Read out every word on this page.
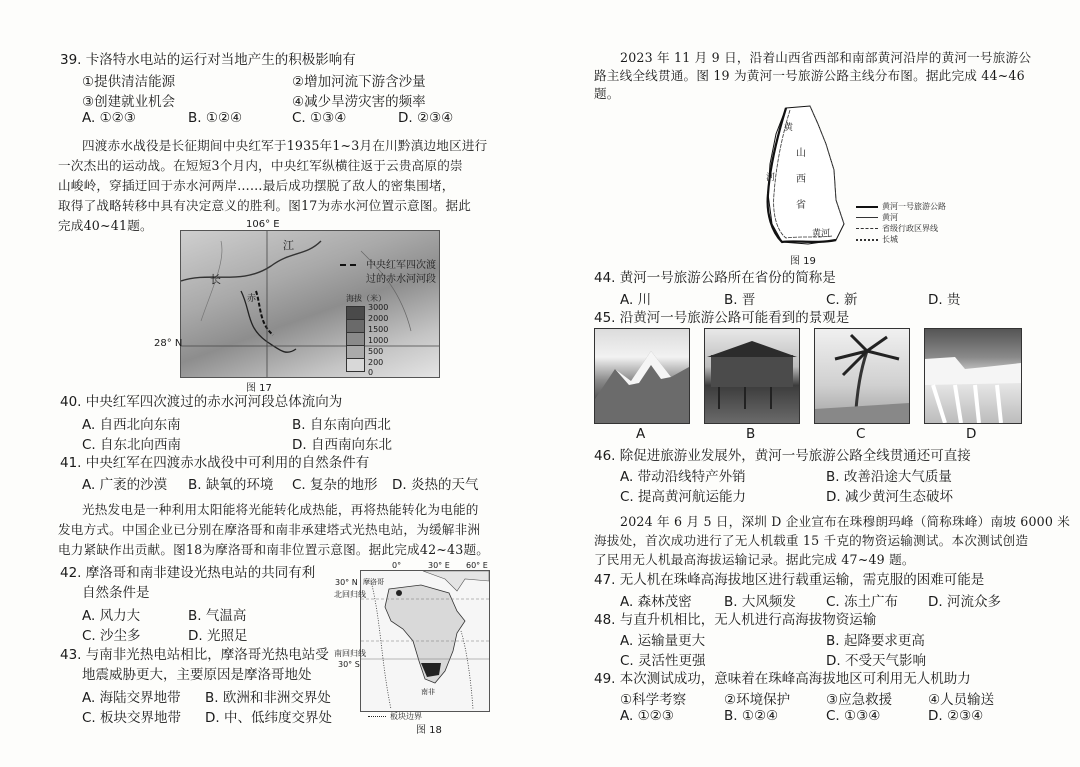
39. 卡洛特水电站的运行对当地产生的积极影响有
①提供清洁能源	②增加河流下游含沙量
③创建就业机会	④减少旱涝灾害的频率
A. ①②③	B. ①②④	C. ①③④	D. ②③④
四渡赤水战役是长征期间中央红军于1935年1~3月在川黔滇边地区进行
一次杰出的运动战。在短短3个月内，中央红军纵横往返于云贵高原的崇
山峻岭，穿插迂回于赤水河两岸……最后成功摆脱了敌人的密集围堵，
取得了战略转移中具有决定意义的胜利。图17为赤水河位置示意图。据此
完成40~41题。	106° E
长
江
赤
28° N
中央红军四次渡
过的赤水河河段
海拔（米）
3000
2000
1500
1000
500
200
0
图 17
40. 中央红军四次渡过的赤水河河段总体流向为
A. 自西北向东南	B. 自东南向西北
C. 自东北向西南	D. 自西南向东北
41. 中央红军在四渡赤水战役中可利用的自然条件有
A. 广袤的沙漠 B. 缺氧的环境 C. 复杂的地形 D. 炎热的天气
光热发电是一种利用太阳能将光能转化成热能，再将热能转化为电能的
发电方式。中国企业已分别在摩洛哥和南非承建塔式光热电站，为缓解非洲
电力紧缺作出贡献。图18为摩洛哥和南非位置示意图。据此完成42~43题。
42. 摩洛哥和南非建设光热电站的共同有利
自然条件是
A. 风力大	B. 气温高
C. 沙尘多	D. 光照足
43. 与南非光热电站相比，摩洛哥光热电站受
地震威胁更大，主要原因是摩洛哥地处
A. 海陆交界地带 B. 欧洲和非洲交界处
C. 板块交界地带 D. 中、低纬度交界处
0°	30° E 60° E
摩洛哥
南非
30° N
北回归线
南回归线
30° S
板块边界
图 18
2023 年 11 月 9 日，沿着山西省西部和南部黄河沿岸的黄河一号旅游公
路主线全线贯通。图 19 为黄河一号旅游公路主线分布图。据此完成 44~46
题。
黄
河
山
西
省
黄河
黄河一号旅游公路
黄河
省级行政区界线
长城
图 19
44. 黄河一号旅游公路所在省份的简称是
A. 川	B. 晋	C. 新	D. 贵
45. 沿黄河一号旅游公路可能看到的景观是
A	B	C	D
46. 除促进旅游业发展外，黄河一号旅游公路全线贯通还可直接
A. 带动沿线特产外销	B. 改善沿途大气质量
C. 提高黄河航运能力	D. 减少黄河生态破坏
2024 年 6 月 5 日，深圳 D 企业宣布在珠穆朗玛峰（简称珠峰）南坡 6000 米
海拔处，首次成功进行了无人机载重 15 千克的物资运输测试。本次测试创造
了民用无人机最高海拔运输记录。据此完成 47~49 题。
47. 无人机在珠峰高海拔地区进行载重运输，需克服的困难可能是
A. 森林茂密 B. 大风频发 C. 冻土广布 D. 河流众多
48. 与直升机相比，无人机进行高海拔物资运输
A. 运输量更大	B. 起降要求更高
C. 灵活性更强	D. 不受天气影响
49. 本次测试成功，意味着在珠峰高海拔地区可利用无人机助力
①科学考察	②环境保护	③应急救援	④人员输送
A. ①②③	B. ①②④	C. ①③④	D. ②③④
